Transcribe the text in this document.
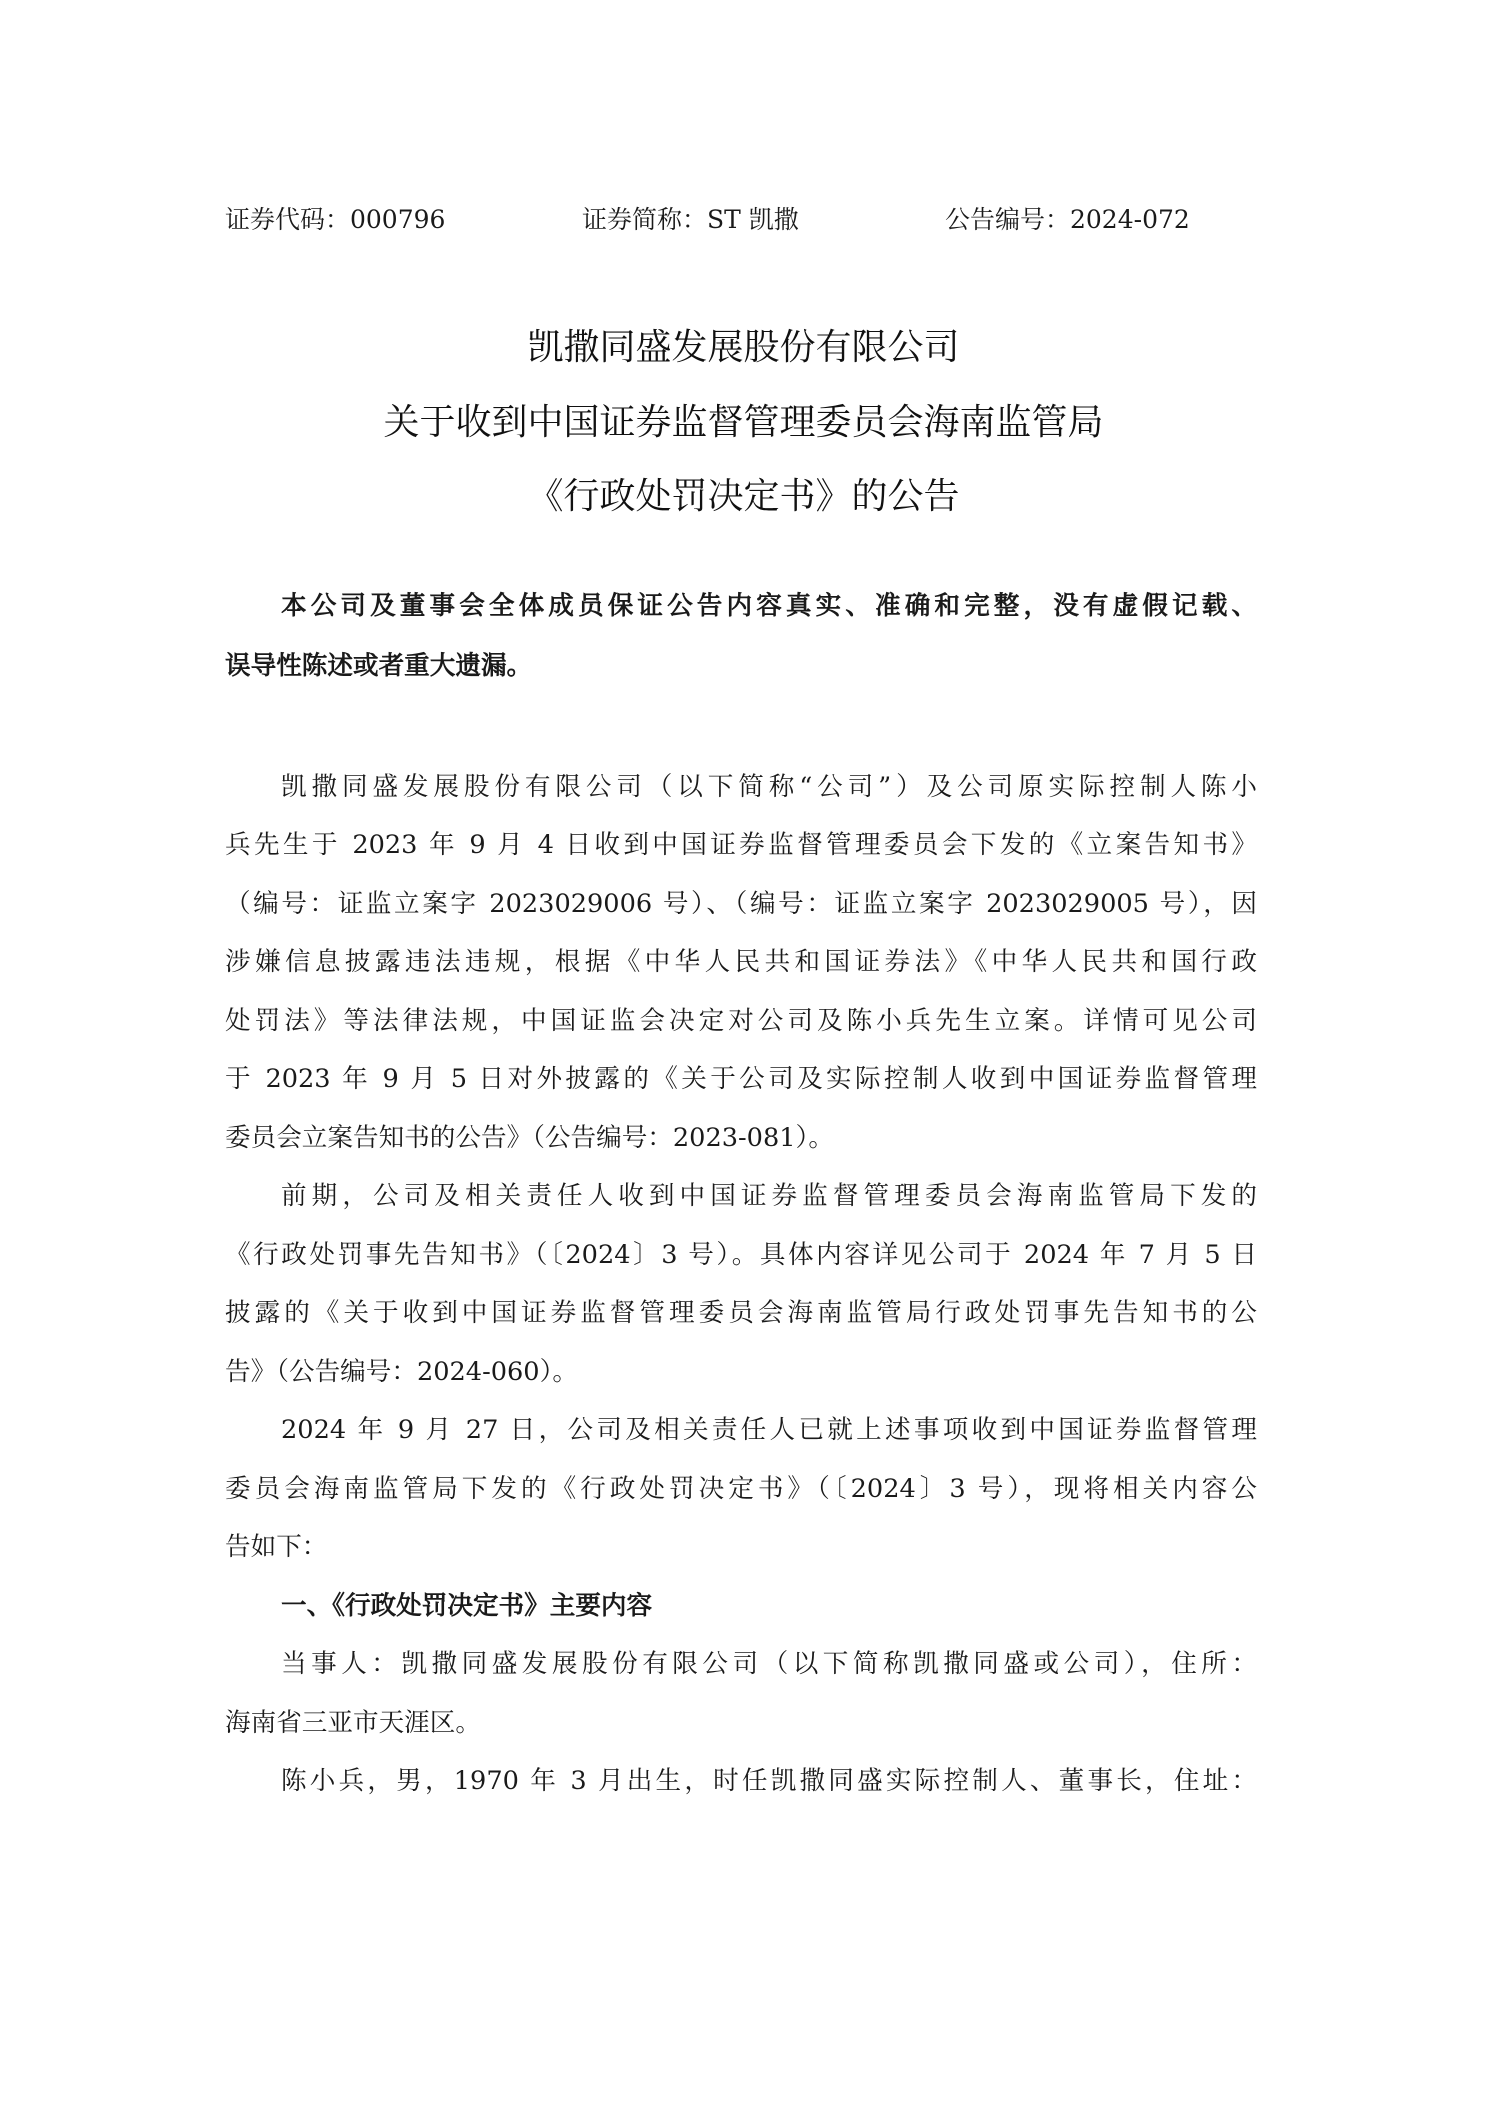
证券代码：000796	证券简称：ST 凯撒	公告编号：2024-072
凯撒同盛发展股份有限公司
关于收到中国证券监督管理委员会海南监管局
《行政处罚决定书》的公告
本公司及董事会全体成员保证公告内容真实、准确和完整，没有虚假记载、
误导性陈述或者重大遗漏。
凯撒同盛发展股份有限公司（以下简称“公司”）及公司原实际控制人陈小
兵先生于 2023 年 9 月 4 日收到中国证券监督管理委员会下发的《立案告知书》
（编号：证监立案字 2023029006 号）、（编号：证监立案字 2023029005 号），因
涉嫌信息披露违法违规，根据《中华人民共和国证券法》《中华人民共和国行政
处罚法》等法律法规，中国证监会决定对公司及陈小兵先生立案。详情可见公司
于 2023 年 9 月 5 日对外披露的《关于公司及实际控制人收到中国证券监督管理
委员会立案告知书的公告》（公告编号：2023-081）。
前期，公司及相关责任人收到中国证券监督管理委员会海南监管局下发的
《行政处罚事先告知书》（〔2024〕3 号）。具体内容详见公司于 2024 年 7 月 5 日
披露的《关于收到中国证券监督管理委员会海南监管局行政处罚事先告知书的公
告》（公告编号：2024-060）。
2024 年 9 月 27 日，公司及相关责任人已就上述事项收到中国证券监督管理
委员会海南监管局下发的《行政处罚决定书》（〔2024〕3 号），现将相关内容公
告如下：
一、《行政处罚决定书》主要内容
当事人：凯撒同盛发展股份有限公司（以下简称凯撒同盛或公司），住所：
海南省三亚市天涯区。
陈小兵，男，1970 年 3 月出生，时任凯撒同盛实际控制人、董事长，住址：
